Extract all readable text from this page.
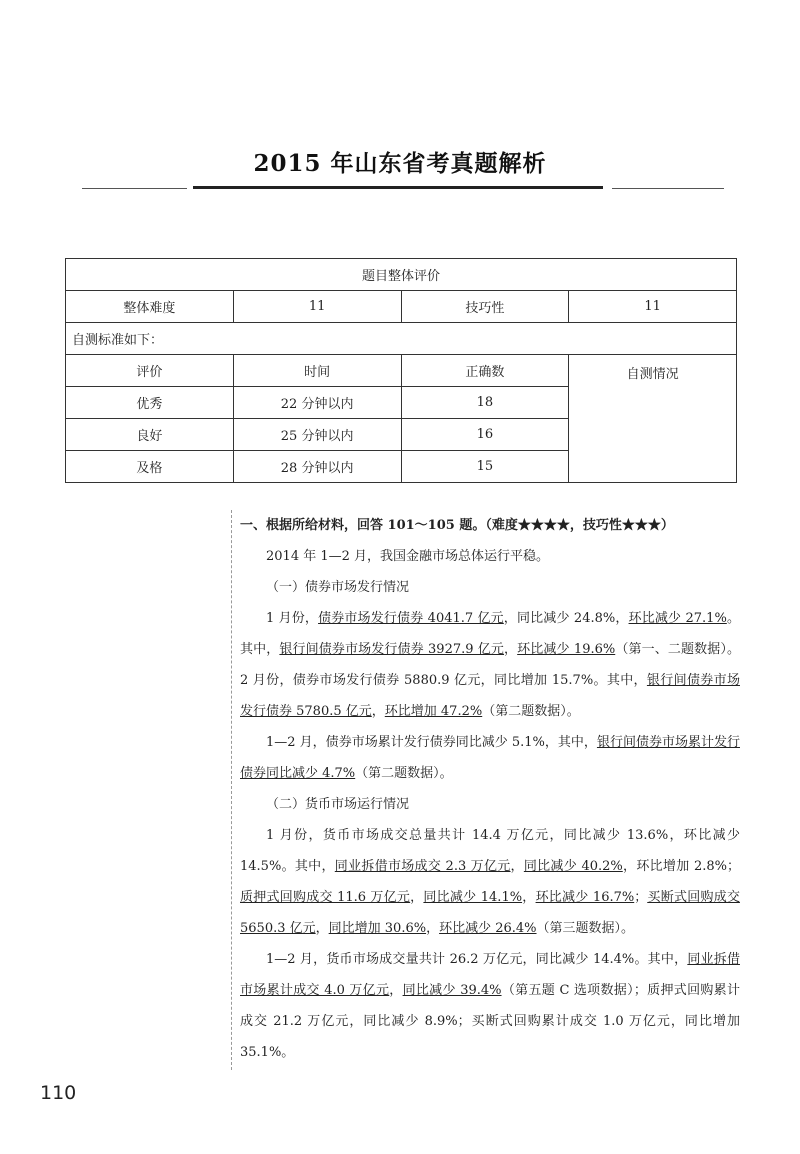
2015 年山东省考真题解析
题目整体评价			
整体难度	11	技巧性	11
自测标准如下：			
评价	时间	正确数	自测情况
优秀	22 分钟以内	18	
良好	25 分钟以内	16	
及格	28 分钟以内	15	

一、根据所给材料，回答 101～105 题。（难度★★★★，技巧性★★★）

2014 年 1—2 月，我国金融市场总体运行平稳。

（一）债券市场发行情况

1 月份，债券市场发行债券 4041.7 亿元，同比减少 24.8%，环比减少 27.1%。其中，银行间债券市场发行债券 3927.9 亿元，环比减少 19.6%（第一、二题数据）。2 月份，债券市场发行债券 5880.9 亿元，同比增加 15.7%。其中，银行间债券市场发行债券 5780.5 亿元，环比增加 47.2%（第二题数据）。

1—2 月，债券市场累计发行债券同比减少 5.1%，其中，银行间债券市场累计发行债券同比减少 4.7%（第二题数据）。

（二）货币市场运行情况

1 月份，货币市场成交总量共计 14.4 万亿元，同比减少 13.6%，环比减少 14.5%。其中，同业拆借市场成交 2.3 万亿元，同比减少 40.2%，环比增加 2.8%；质押式回购成交 11.6 万亿元，同比减少 14.1%，环比减少 16.7%；买断式回购成交 5650.3 亿元，同比增加 30.6%，环比减少 26.4%（第三题数据）。

1—2 月，货币市场成交量共计 26.2 万亿元，同比减少 14.4%。其中，同业拆借市场累计成交 4.0 万亿元，同比减少 39.4%（第五题 C 选项数据）；质押式回购累计成交 21.2 万亿元，同比减少 8.9%；买断式回购累计成交 1.0 万亿元，同比增加 35.1%。

110
